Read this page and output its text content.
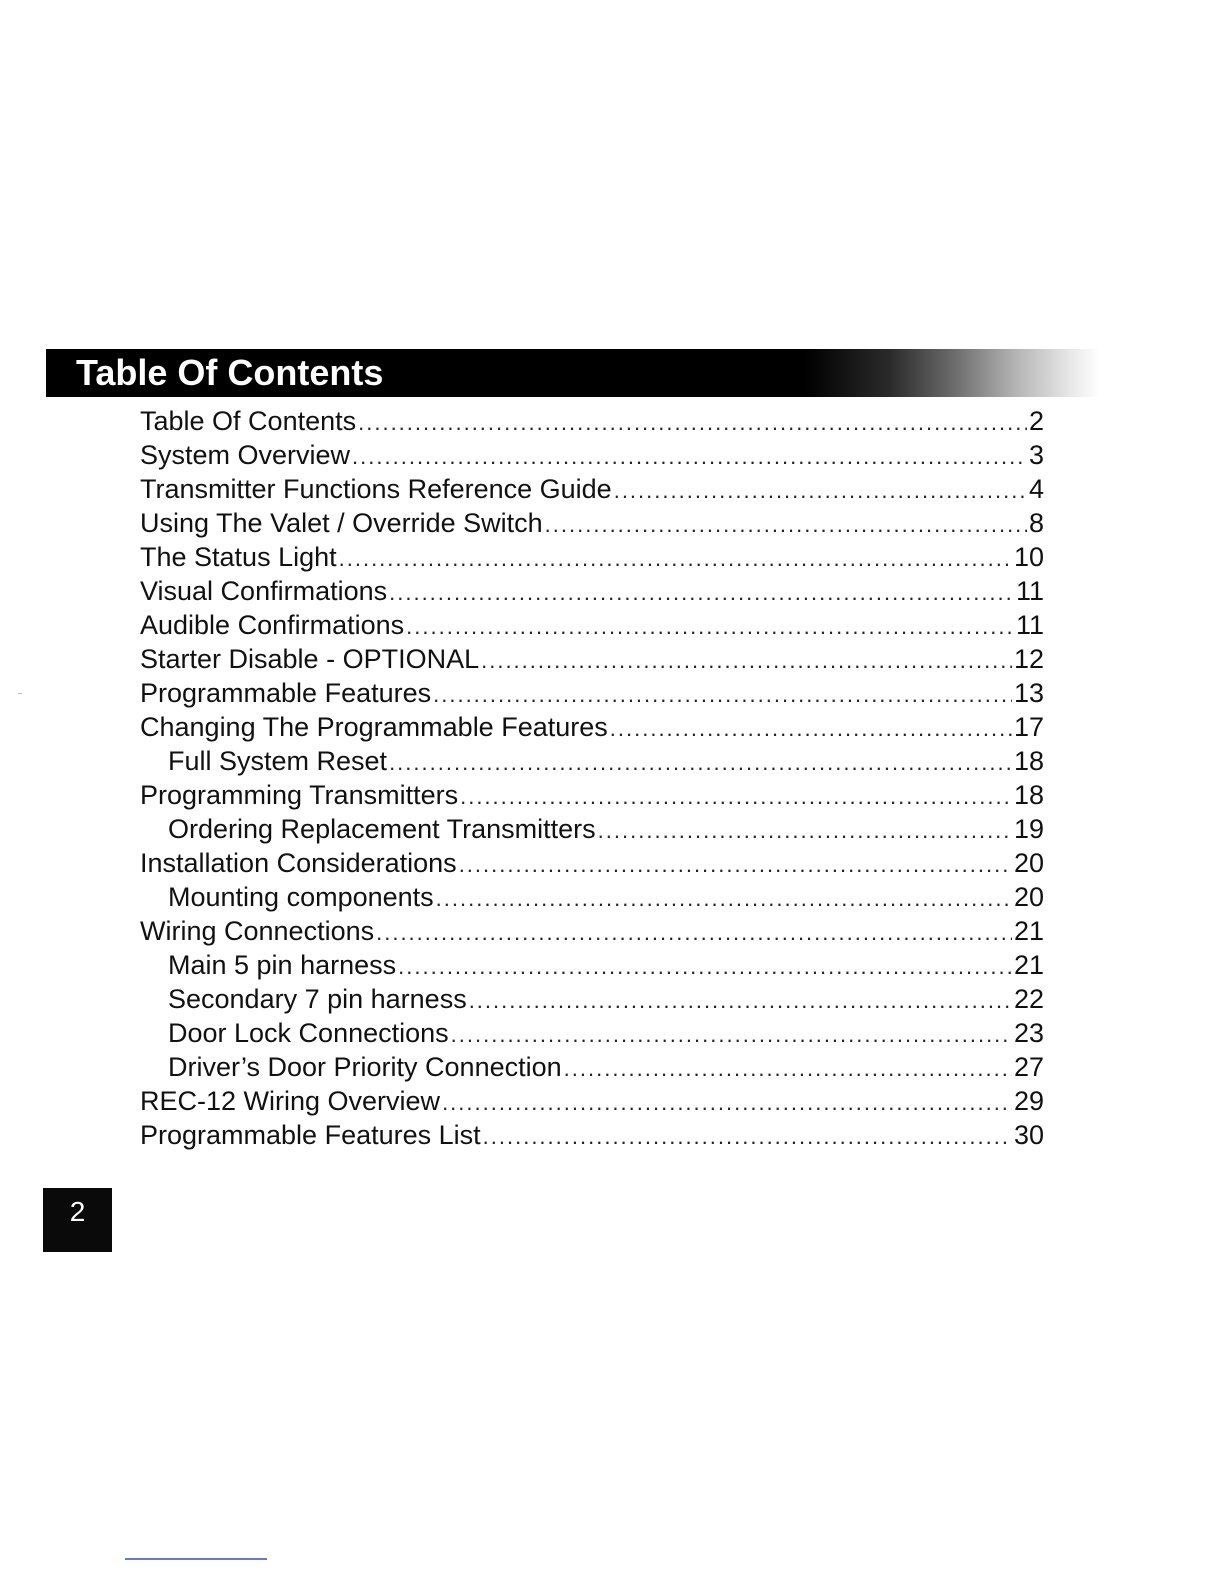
Table Of Contents
Table Of Contents .....	2
System Overview .....	3
Transmitter Functions Reference Guide .....	4
Using The Valet / Override Switch .....	8
The Status Light .....	10
Visual Confirmations .....	11
Audible Confirmations .....	11
Starter Disable - OPTIONAL .....	12
Programmable Features .....	13
Changing The Programmable Features .....	17
Full System Reset .....	18
Programming Transmitters .....	18
Ordering Replacement Transmitters .....	19
Installation Considerations .....	20
Mounting components .....	20
Wiring Connections .....	21
Main 5 pin harness .....	21
Secondary 7 pin harness .....	22
Door Lock Connections .....	23
Driver’s Door Priority Connection .....	27
REC-12 Wiring Overview .....	29
Programmable Features List .....	30
2
